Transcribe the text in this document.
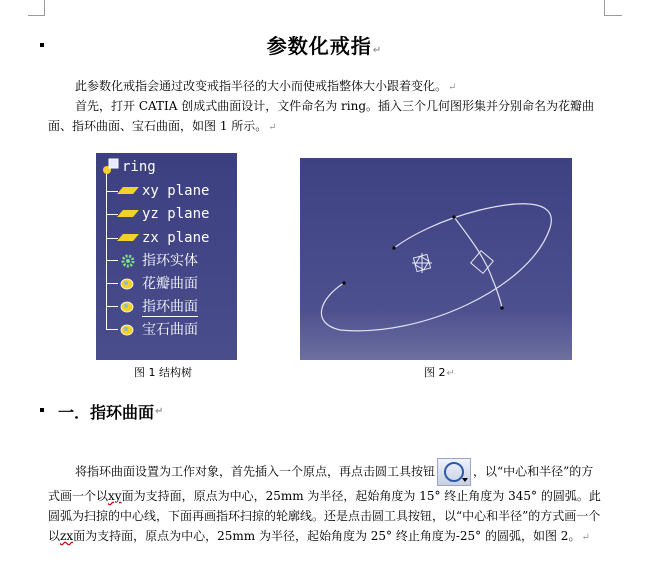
参数化戒指↵

此参数化戒指会通过改变戒指半径的大小而使戒指整体大小跟着变化。↵

首先，打开 CATIA 创成式曲面设计，文件命名为 ring。插入三个几何图形集并分别命名为花瓣曲面、指环曲面、宝石曲面，如图 1 所示。↵

ring
xy plane
yz plane
zx plane
指环实体
花瓣曲面
指环曲面
宝石曲面
图 1 结构树	图 2↵
一．指环曲面 ↵

将指环曲面设置为工作对象，首先插入一个原点，再点击圆工具按钮	，以“中心和半径”的方式画一个以xy面为支持面，原点为中心，25mm 为半径，起始角度为 15° 终止角度为 345° 的圆弧。此圆弧为扫掠的中心线，下面再画指环扫掠的轮廓线。还是点击圆工具按钮，以“中心和半径”的方式画一个以zx面为支持面，原点为中心，25mm 为半径，起始角度为 25° 终止角度为-25° 的圆弧，如图 2。↵
